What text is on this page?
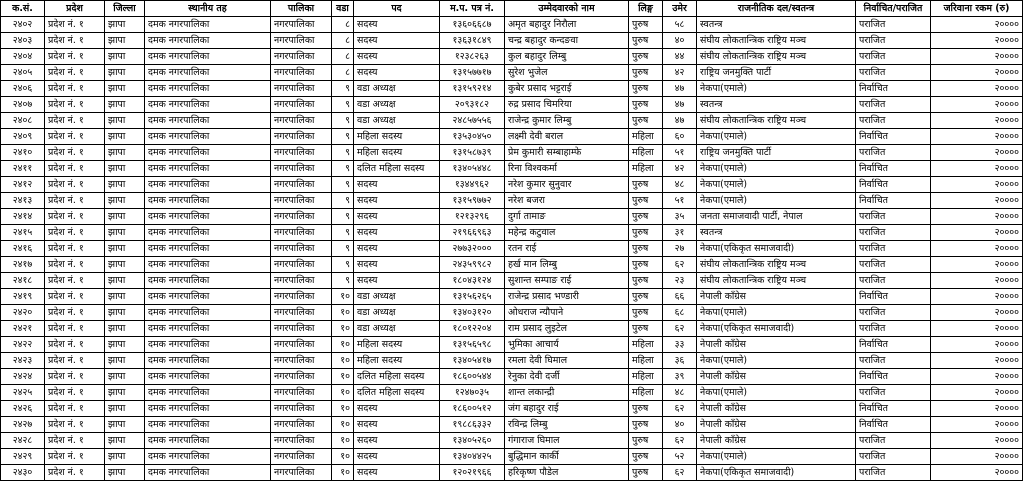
क.सं.	प्रदेश	जिल्ला	स्थानीय तह	पालिका	वडा	पद	म.प. पत्र नं.	उम्मेदवारको नाम	लिङ्ग	उमेर	राजनीतिक दल/स्वतन्त्र	निर्वाचित/पराजित	जरिवाना रकम (रु)
२४०२	प्रदेश नं. १	झापा	दमक नगरपालिका	नगरपालिका	८	सदस्य	१३६०६६८७	अमृत बहादुर निरौला	पुरुष	५८	स्वतन्त्र	पराजित	२००००
२४०३	प्रदेश नं. १	झापा	दमक नगरपालिका	नगरपालिका	८	सदस्य	१३६३१८४९	चन्द्र बहादुर कन्दङवा	पुरुष	४०	संघीय लोकतान्त्रिक राष्ट्रिय मञ्च	पराजित	२००००
२४०४	प्रदेश नं. १	झापा	दमक नगरपालिका	नगरपालिका	८	सदस्य	१२३८२६३	कुल बहादुर लिम्बु	पुरुष	४४	संघीय लोकतान्त्रिक राष्ट्रिय मञ्च	पराजित	२००००
२४०५	प्रदेश नं. १	झापा	दमक नगरपालिका	नगरपालिका	८	सदस्य	१३१५७७१७	सुरेश भुजेल	पुरुष	४२	राष्ट्रिय जनमुक्ति पार्टी	पराजित	२००००
२४०६	प्रदेश नं. १	झापा	दमक नगरपालिका	नगरपालिका	९	वडा अध्यक्ष	१३१५९२१४	कुबेर प्रसाद भट्टराई	पुरुष	४७	नेकपा(एमाले)	निर्वाचित	२००००
२४०७	प्रदेश नं. १	झापा	दमक नगरपालिका	नगरपालिका	९	वडा अध्यक्ष	२०९३१८२	रुद्र प्रसाद चिमरिया	पुरुष	४७	स्वतन्त्र	पराजित	२००००
२४०८	प्रदेश नं. १	झापा	दमक नगरपालिका	नगरपालिका	९	वडा अध्यक्ष	२४८५७५५६	राजेन्द्र कुमार लिम्बु	पुरुष	४७	संघीय लोकतान्त्रिक राष्ट्रिय मञ्च	पराजित	२००००
२४०९	प्रदेश नं. १	झापा	दमक नगरपालिका	नगरपालिका	९	महिला सदस्य	१३५३०४५०	लक्ष्मी देवी बराल	महिला	६०	नेकपा(एमाले)	निर्वाचित	२००००
२४१०	प्रदेश नं. १	झापा	दमक नगरपालिका	नगरपालिका	९	महिला सदस्य	१३१५८७३९	प्रेम कुमारी सम्बाहाम्फे	महिला	५१	राष्ट्रिय जनमुक्ति पार्टी	पराजित	२००००
२४११	प्रदेश नं. १	झापा	दमक नगरपालिका	नगरपालिका	९	दलित महिला सदस्य	१३४०५४४८	रिना विश्वकर्मा	महिला	४२	नेकपा(एमाले)	निर्वाचित	२००००
२४१२	प्रदेश नं. १	झापा	दमक नगरपालिका	नगरपालिका	९	सदस्य	१३४४९६२	नरेश कुमार सुनुवार	पुरुष	४८	नेकपा(एमाले)	निर्वाचित	२००००
२४१३	प्रदेश नं. १	झापा	दमक नगरपालिका	नगरपालिका	९	सदस्य	१३१५९७७२	नरेश बजरा	पुरुष	५१	नेकपा(एमाले)	निर्वाचित	२००००
२४१४	प्रदेश नं. १	झापा	दमक नगरपालिका	नगरपालिका	९	सदस्य	१२१३२९६	दुर्गा तामाङ	पुरुष	३५	जनता समाजवादी पार्टी, नेपाल	पराजित	२००००
२४१५	प्रदेश नं. १	झापा	दमक नगरपालिका	नगरपालिका	९	सदस्य	२१९६६९६३	महेन्द्र कटुवाल	पुरुष	३१	स्वतन्त्र	पराजित	२००००
२४१६	प्रदेश नं. १	झापा	दमक नगरपालिका	नगरपालिका	९	सदस्य	२७७३२०००	रतन राई	पुरुष	२७	नेकपा(एकिकृत समाजवादी)	पराजित	२००००
२४१७	प्रदेश नं. १	झापा	दमक नगरपालिका	नगरपालिका	९	सदस्य	२४३५९९८२	हर्ख मान लिम्बु	पुरुष	६२	संघीय लोकतान्त्रिक राष्ट्रिय मञ्च	पराजित	२००००
२४१८	प्रदेश नं. १	झापा	दमक नगरपालिका	नगरपालिका	९	सदस्य	१८०४३१२४	सुशान्त सम्पाङ राई	पुरुष	२३	संघीय लोकतान्त्रिक राष्ट्रिय मञ्च	पराजित	२००००
२४१९	प्रदेश नं. १	झापा	दमक नगरपालिका	नगरपालिका	१०	वडा अध्यक्ष	१३१५६२६५	राजेन्द्र प्रसाद भण्डारी	पुरुष	६६	नेपाली काँग्रेस	निर्वाचित	२००००
२४२०	प्रदेश नं. १	झापा	दमक नगरपालिका	नगरपालिका	१०	वडा अध्यक्ष	१३४०३१२०	ओधराज न्यौपाने	पुरुष	६८	नेकपा(एमाले)	पराजित	२००००
२४२१	प्रदेश नं. १	झापा	दमक नगरपालिका	नगरपालिका	१०	वडा अध्यक्ष	१८०१२२०४	राम प्रसाद लुइटेल	पुरुष	६२	नेकपा(एकिकृत समाजवादी)	पराजित	२००००
२४२२	प्रदेश नं. १	झापा	दमक नगरपालिका	नगरपालिका	१०	महिला सदस्य	१३१५६५९८	भुमिका आचार्य	महिला	३३	नेपाली काँग्रेस	निर्वाचित	२००००
२४२३	प्रदेश नं. १	झापा	दमक नगरपालिका	नगरपालिका	१०	महिला सदस्य	१३४०५४१७	रमला देवी घिमाल	महिला	३६	नेकपा(एमाले)	पराजित	२००००
२४२४	प्रदेश नं. १	झापा	दमक नगरपालिका	नगरपालिका	१०	दलित महिला सदस्य	१८६००५४४	रेनुका देवी दर्जी	महिला	३९	नेपाली काँग्रेस	निर्वाचित	२००००
२४२५	प्रदेश नं. १	झापा	दमक नगरपालिका	नगरपालिका	१०	दलित महिला सदस्य	१२४७०३५	शान्त लकान्द्री	महिला	४८	नेकपा(एमाले)	पराजित	२००००
२४२६	प्रदेश नं. १	झापा	दमक नगरपालिका	नगरपालिका	१०	सदस्य	१८६००५१२	जंग बहादुर राई	पुरुष	६२	नेपाली काँग्रेस	निर्वाचित	२००००
२४२७	प्रदेश नं. १	झापा	दमक नगरपालिका	नगरपालिका	१०	सदस्य	१९८८६३३२	रविन्द्र लिम्बु	पुरुष	४०	नेपाली काँग्रेस	निर्वाचित	२००००
२४२८	प्रदेश नं. १	झापा	दमक नगरपालिका	नगरपालिका	१०	सदस्य	१३४०५२६०	गंगाराज घिमाल	पुरुष	६२	नेपाली काँग्रेस	पराजित	२००००
२४२९	प्रदेश नं. १	झापा	दमक नगरपालिका	नगरपालिका	१०	सदस्य	१३४०४४२५	बुद्धिमान कार्की	पुरुष	५२	नेकपा(एमाले)	पराजित	२००००
२४३०	प्रदेश नं. १	झापा	दमक नगरपालिका	नगरपालिका	१०	सदस्य	१२०२१९६६	हरिकृष्ण पौडेल	पुरुष	६२	नेकपा(एकिकृत समाजवादी)	पराजित	२००००
